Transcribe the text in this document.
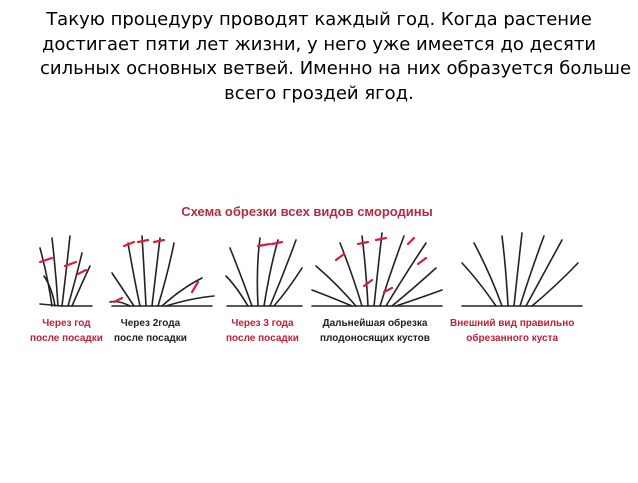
Такую процедуру проводят каждый год. Когда растение
достигает пяти лет жизни, у него уже имеется до десяти
сильных основных ветвей. Именно на них образуется больше
всего гроздей ягод.
Схема обрезки всех видов смородины
Через год
после посадки
Через 2года
после посадки
Через 3 года
после посадки
Дальнейшая обрезка
плодоносящих кустов
Внешний вид правильно
обрезанного куста
